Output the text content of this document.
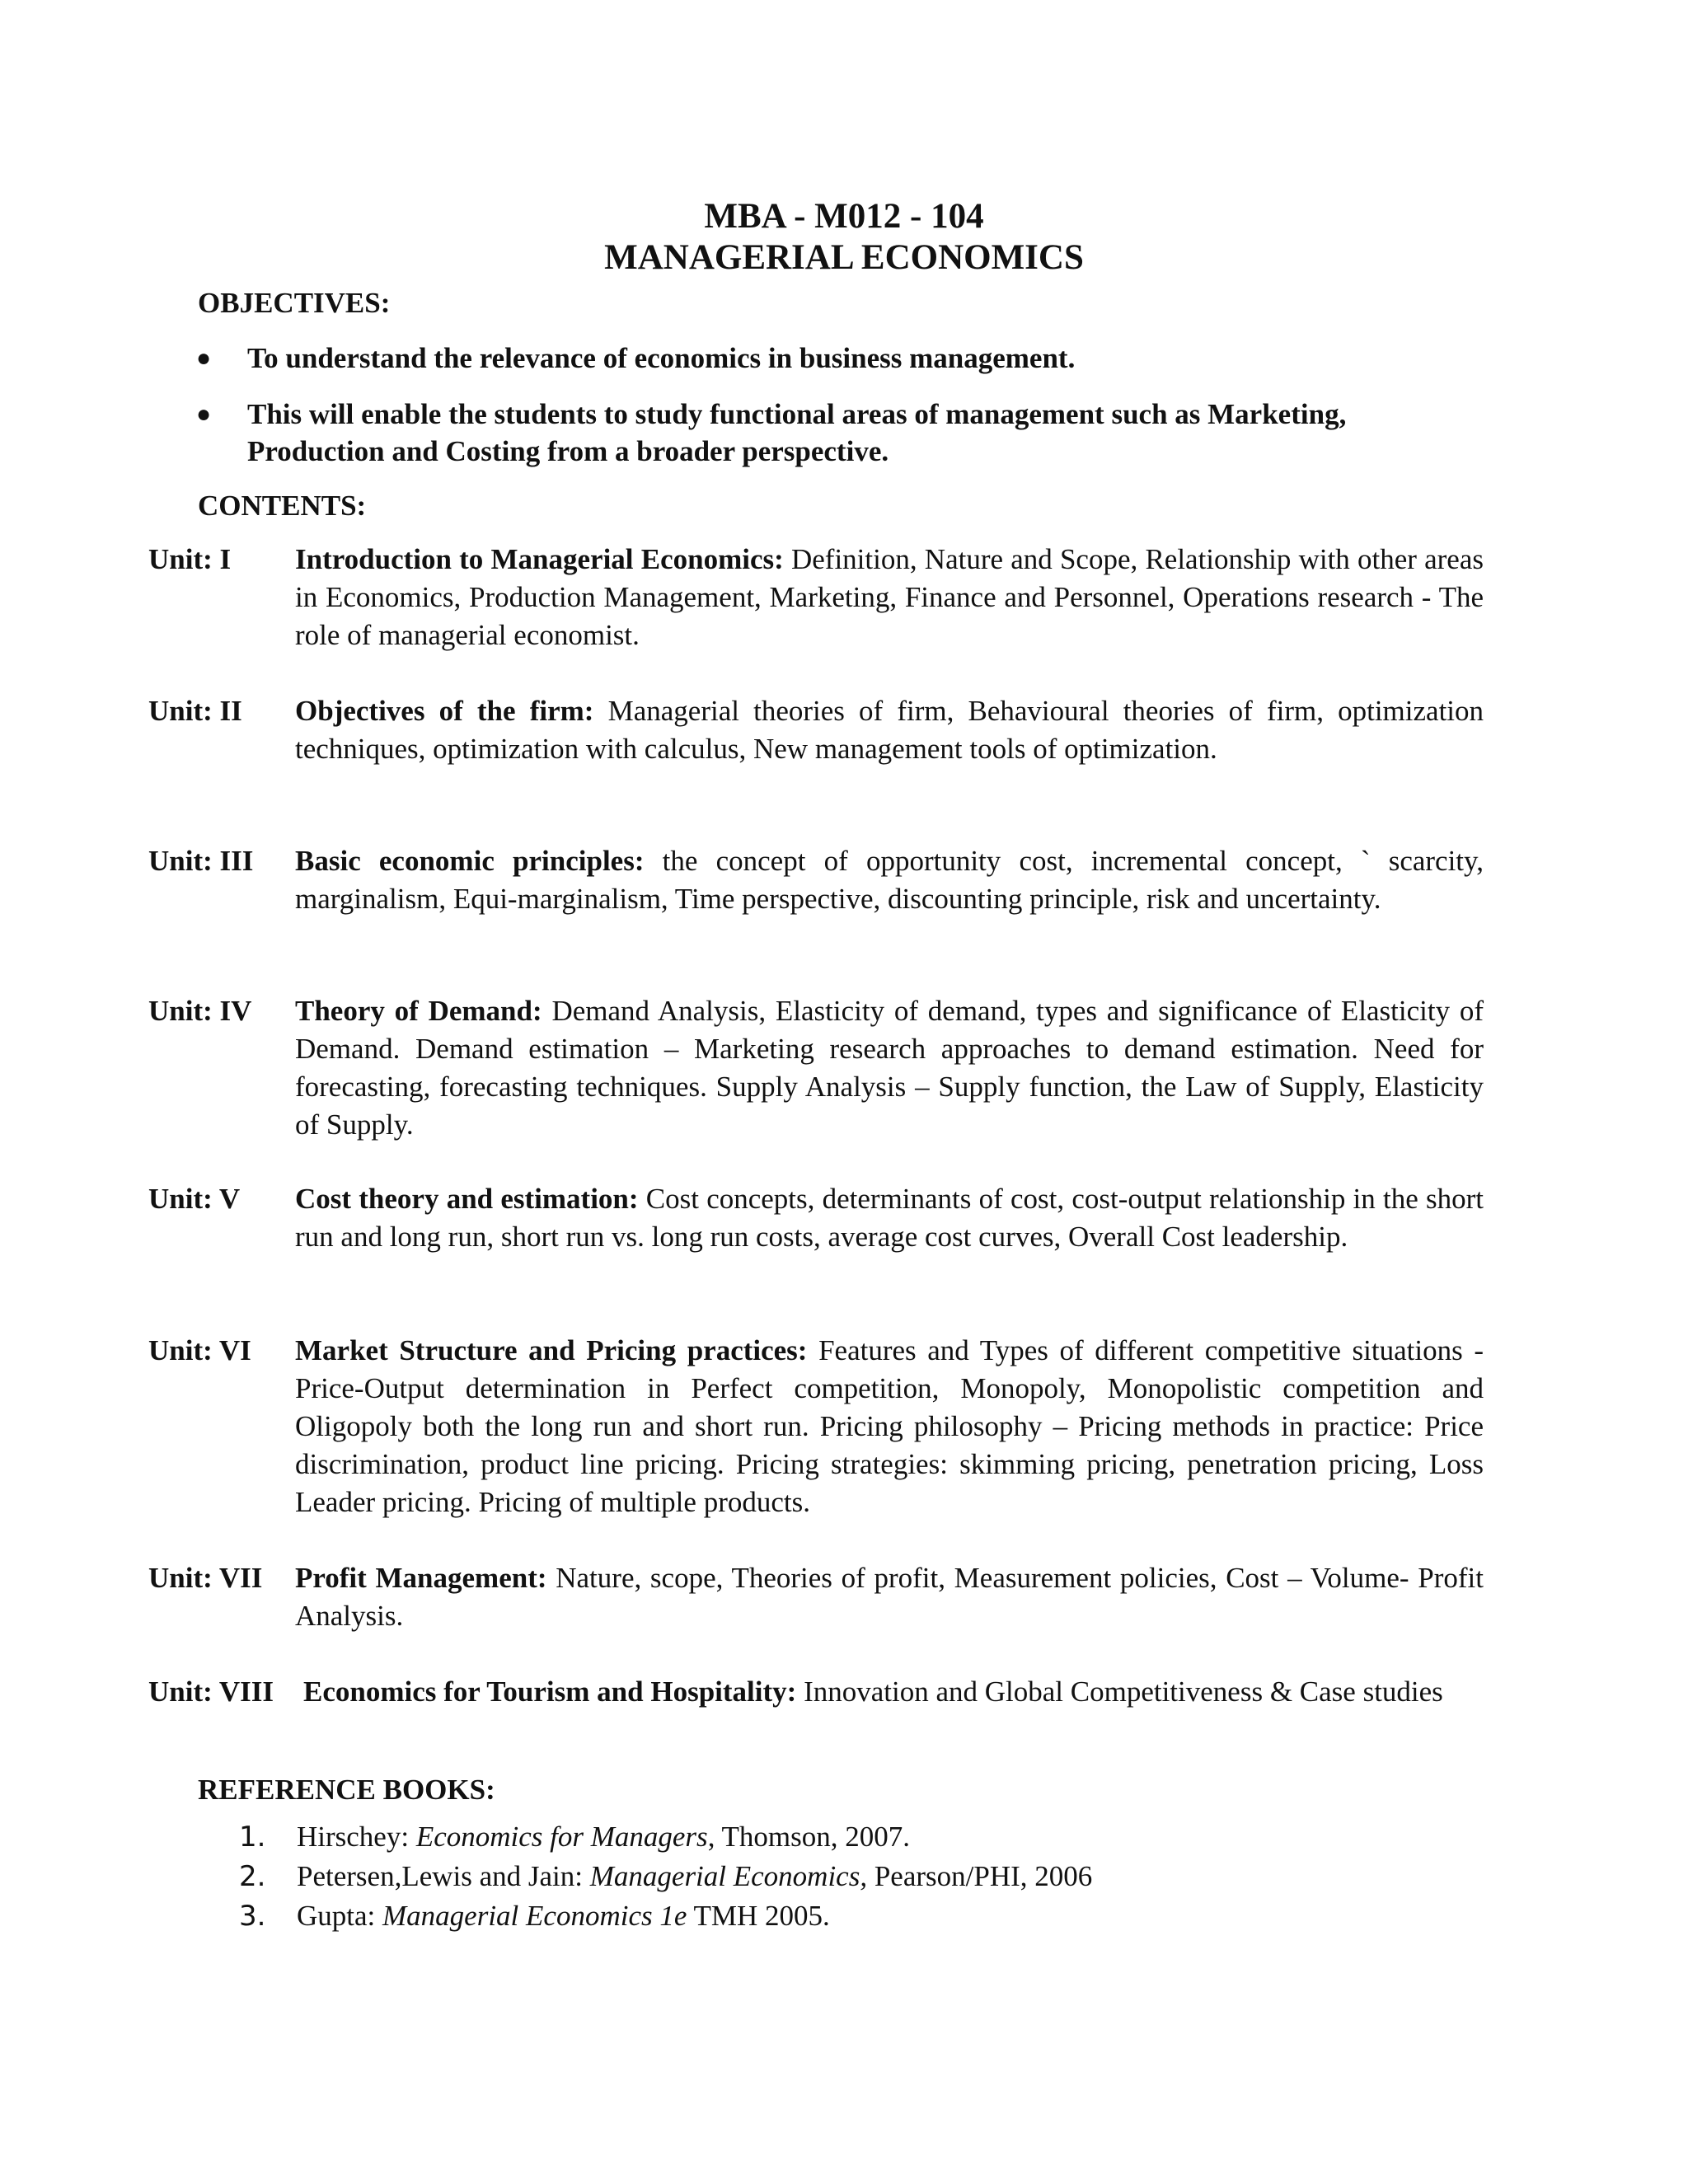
MBA - M012 - 104
MANAGERIAL ECONOMICS
OBJECTIVES:
● To understand the relevance of economics in business management.
● This will enable the students to study functional areas of management such as Marketing, Production and Costing from a broader perspective.
CONTENTS:
Unit: I Introduction to Managerial Economics: Definition, Nature and Scope, Relationship with other areas in Economics, Production Management, Marketing, Finance and Personnel, Operations research - The role of managerial economist.
Unit: II Objectives of the firm: Managerial theories of firm, Behavioural theories of firm, optimization techniques, optimization with calculus, New management tools of optimization.
Unit: III Basic economic principles: the concept of opportunity cost, incremental concept, ` scarcity, marginalism, Equi-marginalism, Time perspective, discounting principle, risk and uncertainty.
Unit: IV Theory of Demand: Demand Analysis, Elasticity of demand, types and significance of Elasticity of Demand. Demand estimation – Marketing research approaches to demand estimation. Need for forecasting, forecasting techniques. Supply Analysis – Supply function, the Law of Supply, Elasticity of Supply.
Unit: V Cost theory and estimation: Cost concepts, determinants of cost, cost-output relationship in the short run and long run, short run vs. long run costs, average cost curves, Overall Cost leadership.
Unit: VI Market Structure and Pricing practices: Features and Types of different competitive situations - Price-Output determination in Perfect competition, Monopoly, Monopolistic competition and Oligopoly both the long run and short run. Pricing philosophy – Pricing methods in practice: Price discrimination, product line pricing. Pricing strategies: skimming pricing, penetration pricing, Loss Leader pricing. Pricing of multiple products.
Unit: VII Profit Management: Nature, scope, Theories of profit, Measurement policies, Cost – Volume- Profit Analysis.
Unit: VIII Economics for Tourism and Hospitality: Innovation and Global Competitiveness & Case studies
REFERENCE BOOKS:
1. Hirschey: Economics for Managers, Thomson, 2007.
2. Petersen,Lewis and Jain: Managerial Economics, Pearson/PHI, 2006
3. Gupta: Managerial Economics 1e TMH 2005.
